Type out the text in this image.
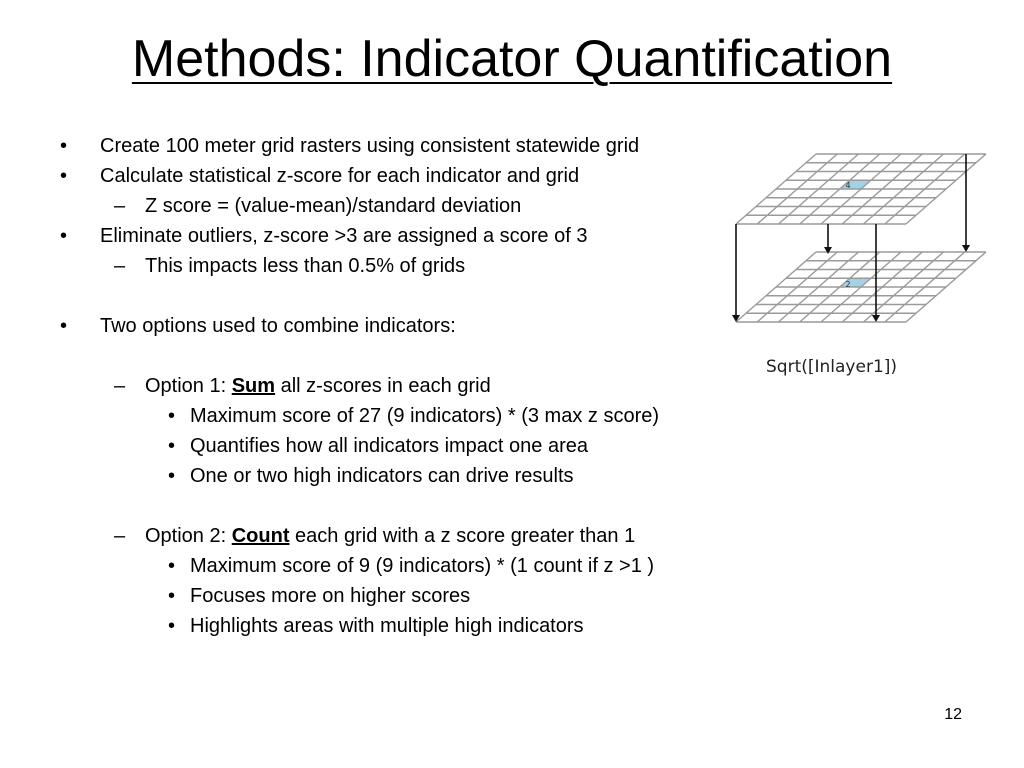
Methods: Indicator Quantification
• Create 100 meter grid rasters using consistent statewide grid
• Calculate statistical z-score for each indicator and grid
– Z score = (value-mean)/standard deviation
• Eliminate outliers, z-score >3 are assigned a score of 3
– This impacts less than 0.5% of grids
• Two options used to combine indicators:
– Option 1: Sum all z-scores in each grid
• Maximum score of 27 (9 indicators) * (3 max z score)
• Quantifies how all indicators impact one area
• One or two high indicators can drive results
– Option 2: Count each grid with a z score greater than 1
• Maximum score of 9 (9 indicators) * (1 count if z >1 )
• Focuses more on higher scores
• Highlights areas with multiple high indicators
4
2
Sqrt([Inlayer1])
12
